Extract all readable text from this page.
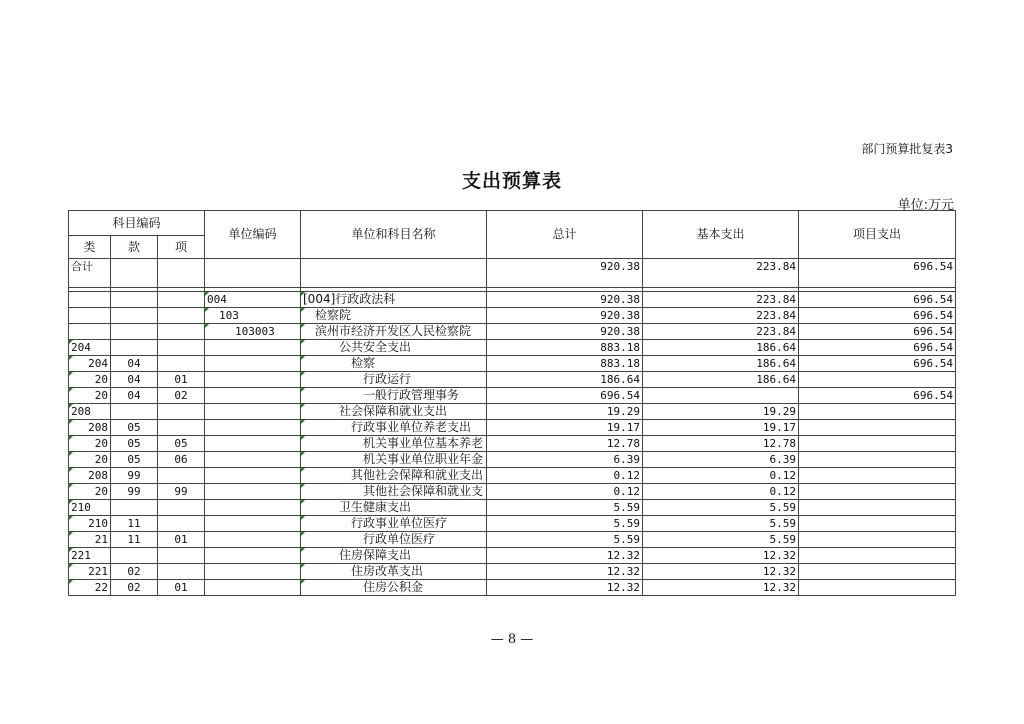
部门预算批复表3
支出预算表
单位:万元
科目编码			单位编码	单位和科目名称	总计	基本支出	项目支出
类	款	项					
合计					920.38	223.84	696.54

			004	[004]行政政法科	920.38	223.84	696.54
			103	检察院	920.38	223.84	696.54
			103003	滨州市经济开发区人民检察院	920.38	223.84	696.54
204				公共安全支出	883.18	186.64	696.54
204	04			检察	883.18	186.64	696.54
20	04	01		行政运行	186.64	186.64	
20	04	02		一般行政管理事务	696.54		696.54
208				社会保障和就业支出	19.29	19.29	
208	05			行政事业单位养老支出	19.17	19.17	
20	05	05		机关事业单位基本养老	12.78	12.78	
20	05	06		机关事业单位职业年金	6.39	6.39	
208	99			其他社会保障和就业支出	0.12	0.12	
20	99	99		其他社会保障和就业支	0.12	0.12	
210				卫生健康支出	5.59	5.59	
210	11			行政事业单位医疗	5.59	5.59	
21	11	01		行政单位医疗	5.59	5.59	
221				住房保障支出	12.32	12.32	
221	02			住房改革支出	12.32	12.32	
22	02	01		住房公积金	12.32	12.32	
— 8 —
